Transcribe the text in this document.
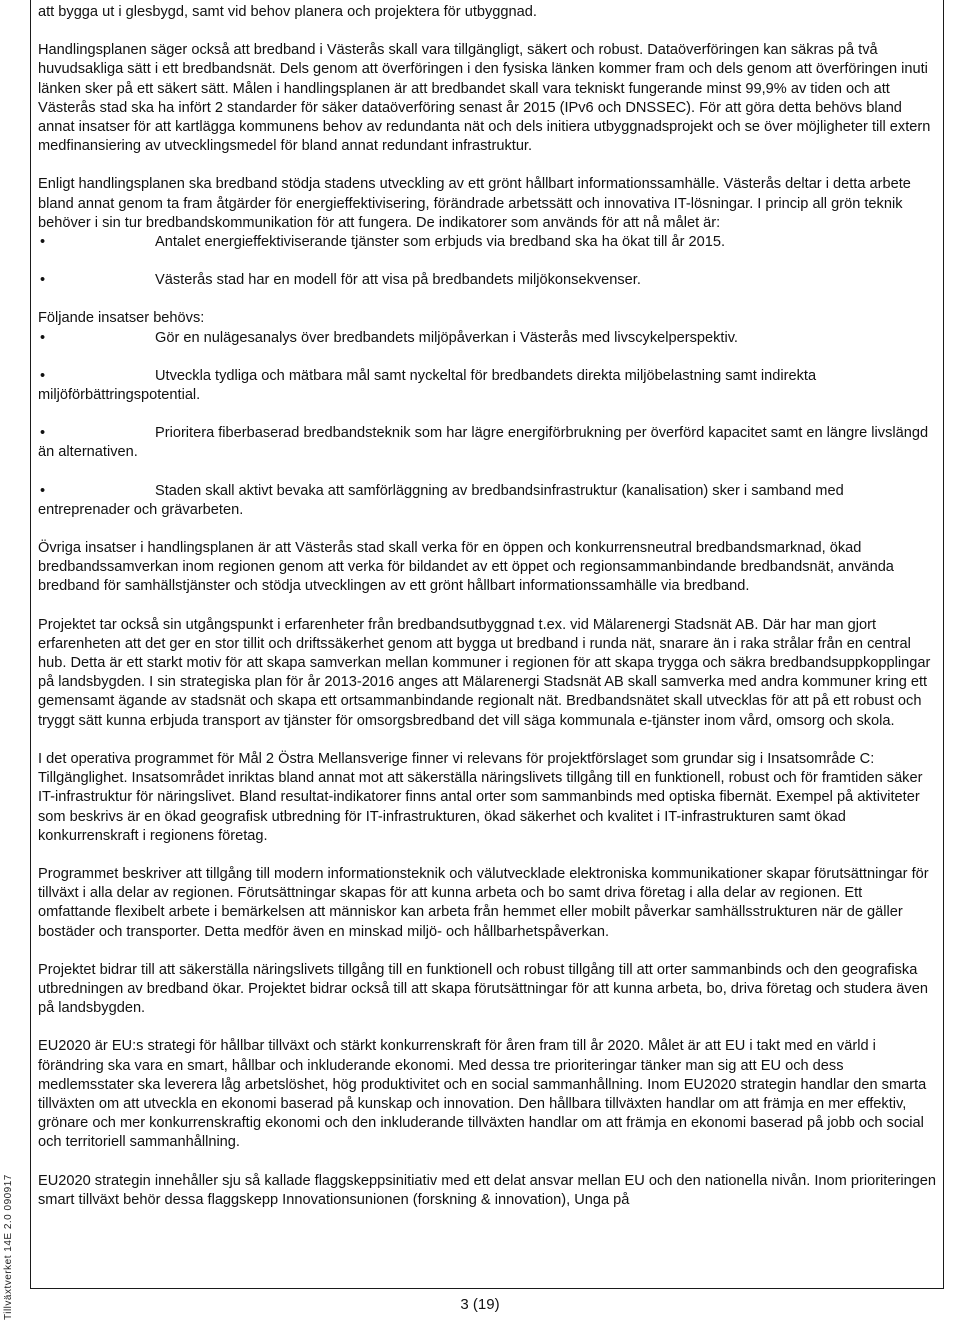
Tillväxtverket 14E 2.0 090917

att bygga ut i glesbygd, samt vid behov planera och projektera för utbyggnad.

Handlingsplanen säger också att bredband i Västerås skall vara tillgängligt, säkert och robust. Dataöverföringen kan säkras på två huvudsakliga sätt i ett bredbandsnät. Dels genom att överföringen i den fysiska länken kommer fram och dels genom att överföringen inuti länken sker på ett säkert sätt. Målen i handlingsplanen är att bredbandet skall vara tekniskt fungerande minst 99,9% av tiden och att Västerås stad ska ha infört 2 standarder för säker dataöverföring senast år 2015 (IPv6 och DNSSEC). För att göra detta behövs bland annat insatser för att kartlägga kommunens behov av redundanta nät och dels initiera utbyggnadsprojekt och se över möjligheter till extern medfinansiering av utvecklingsmedel för bland annat redundant infrastruktur.

Enligt handlingsplanen ska bredband stödja stadens utveckling av ett grönt hållbart informationssamhälle. Västerås deltar i detta arbete bland annat genom ta fram åtgärder för energieffektivisering, förändrade arbetssätt och innovativa IT-lösningar. I princip all grön teknik behöver i sin tur bredbandskommunikation för att fungera. De indikatorer som används för att nå målet är:

•	Antalet energieffektiviserande tjänster som erbjuds via bredband ska ha ökat till år 2015.

•	Västerås stad har en modell för att visa på bredbandets miljökonsekvenser.

Följande insatser behövs:

•	Gör en nulägesanalys över bredbandets miljöpåverkan i Västerås med livscykelperspektiv.

•	Utveckla tydliga och mätbara mål samt nyckeltal för bredbandets direkta miljöbelastning samt indirekta miljöförbättringspotential.

•	Prioritera fiberbaserad bredbandsteknik som har lägre energiförbrukning per överförd kapacitet samt en längre livslängd än alternativen.

•	Staden skall aktivt bevaka att samförläggning av bredbandsinfrastruktur (kanalisation) sker i samband med entreprenader och grävarbeten.

Övriga insatser i handlingsplanen är att Västerås stad skall verka för en öppen och konkurrensneutral bredbandsmarknad, ökad bredbandssamverkan inom regionen genom att verka för bildandet av ett öppet och regionsammanbindande bredbandsnät, använda bredband för samhällstjänster och stödja utvecklingen av ett grönt hållbart informationssamhälle via bredband.

Projektet tar också sin utgångspunkt i erfarenheter från bredbandsutbyggnad t.ex. vid Mälarenergi Stadsnät AB. Där har man gjort erfarenheten att det ger en stor tillit och driftssäkerhet genom att bygga ut bredband i runda nät, snarare än i raka strålar från en central hub. Detta är ett starkt motiv för att skapa samverkan mellan kommuner i regionen för att skapa trygga och säkra bredbandsuppkopplingar på landsbygden. I sin strategiska plan för år 2013-2016 anges att Mälarenergi Stadsnät AB skall samverka med andra kommuner kring ett gemensamt ägande av stadsnät och skapa ett ortsammanbindande regionalt nät. Bredbandsnätet skall utvecklas för att på ett robust och tryggt sätt kunna erbjuda transport av tjänster för omsorgsbredband det vill säga kommunala e-tjänster inom vård, omsorg och skola.

I det operativa programmet för Mål 2 Östra Mellansverige finner vi relevans för projektförslaget som grundar sig i Insatsområde C: Tillgänglighet. Insatsområdet inriktas bland annat mot att säkerställa näringslivets tillgång till en funktionell, robust och för framtiden säker IT-infrastruktur för näringslivet. Bland resultat-indikatorer finns antal orter som sammanbinds med optiska fibernät. Exempel på aktiviteter som beskrivs är en ökad geografisk utbredning för IT-infrastrukturen, ökad säkerhet och kvalitet i IT-infrastrukturen samt ökad konkurrenskraft i regionens företag.

Programmet beskriver att tillgång till modern informationsteknik och välutvecklade elektroniska kommunikationer skapar förutsättningar för tillväxt i alla delar av regionen. Förutsättningar skapas för att kunna arbeta och bo samt driva företag i alla delar av regionen. Ett omfattande flexibelt arbete i bemärkelsen att människor kan arbeta från hemmet eller mobilt påverkar samhällsstrukturen när de gäller bostäder och transporter. Detta medför även en minskad miljö- och hållbarhetspåverkan.

Projektet bidrar till att säkerställa näringslivets tillgång till en funktionell och robust tillgång till att orter sammanbinds och den geografiska utbredningen av bredband ökar. Projektet bidrar också till att skapa förutsättningar för att kunna arbeta, bo, driva företag och studera även på landsbygden.

EU2020 är EU:s strategi för hållbar tillväxt och stärkt konkurrenskraft för åren fram till år 2020. Målet är att EU i takt med en värld i förändring ska vara en smart, hållbar och inkluderande ekonomi. Med dessa tre prioriteringar tänker man sig att EU och dess medlemsstater ska leverera låg arbetslöshet, hög produktivitet och en social sammanhållning. Inom EU2020 strategin handlar den smarta tillväxten om att utveckla en ekonomi baserad på kunskap och innovation. Den hållbara tillväxten handlar om att främja en mer effektiv, grönare och mer konkurrenskraftig ekonomi och den inkluderande tillväxten handlar om att främja en ekonomi baserad på jobb och social och territoriell sammanhållning.

EU2020 strategin innehåller sju så kallade flaggskeppsinitiativ med ett delat ansvar mellan EU och den nationella nivån. Inom prioriteringen smart tillväxt behör dessa flaggskepp Innovationsunionen (forskning & innovation), Unga på

3 (19)
